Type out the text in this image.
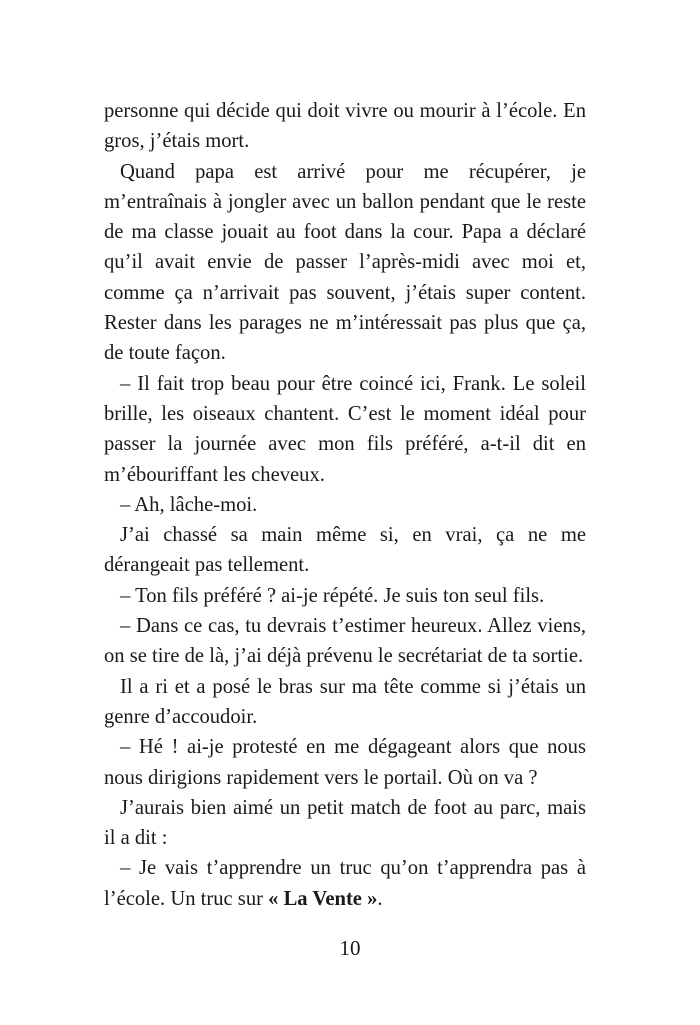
personne qui décide qui doit vivre ou mourir à l’école. En gros, j’étais mort.

Quand papa est arrivé pour me récupérer, je m’entraînais à jongler avec un ballon pendant que le reste de ma classe jouait au foot dans la cour. Papa a déclaré qu’il avait envie de passer l’après-midi avec moi et, comme ça n’arrivait pas souvent, j’étais super content. Rester dans les parages ne m’intéressait pas plus que ça, de toute façon.

– Il fait trop beau pour être coincé ici, Frank. Le soleil brille, les oiseaux chantent. C’est le moment idéal pour passer la journée avec mon fils préféré, a-t-il dit en m’ébouriffant les cheveux.

– Ah, lâche-moi.

J’ai chassé sa main même si, en vrai, ça ne me dérangeait pas tellement.

– Ton fils préféré ? ai-je répété. Je suis ton seul fils.

– Dans ce cas, tu devrais t’estimer heureux. Allez viens, on se tire de là, j’ai déjà prévenu le secrétariat de ta sortie.

Il a ri et a posé le bras sur ma tête comme si j’étais un genre d’accoudoir.

– Hé ! ai-je protesté en me dégageant alors que nous nous dirigions rapidement vers le portail. Où on va ?

J’aurais bien aimé un petit match de foot au parc, mais il a dit :

– Je vais t’apprendre un truc qu’on t’apprendra pas à l’école. Un truc sur « La Vente ».

10
